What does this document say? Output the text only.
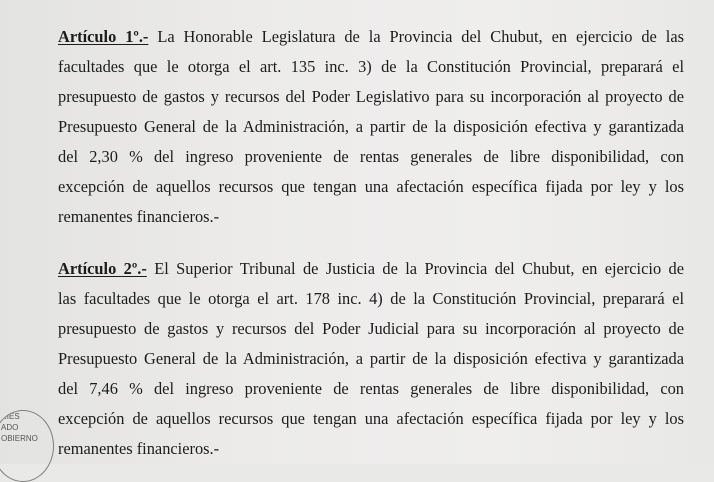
Artículo 1º.- La Honorable Legislatura de la Provincia del Chubut, en ejercicio de las
facultades que le otorga el art. 135 inc. 3) de la Constitución Provincial, preparará el
presupuesto de gastos y recursos del Poder Legislativo para su incorporación al proyecto de
Presupuesto General de la Administración, a partir de la disposición efectiva y garantizada
del 2,30 % del ingreso proveniente de rentas generales de libre disponibilidad, con
excepción de aquellos recursos que tengan una afectación específica fijada por ley y los
remanentes financieros.-
Artículo 2º.- El Superior Tribunal de Justicia de la Provincia del Chubut, en ejercicio de
las facultades que le otorga el art. 178 inc. 4) de la Constitución Provincial, preparará el
presupuesto de gastos y recursos del Poder Judicial para su incorporación al proyecto de
Presupuesto General de la Administración, a partir de la disposición efectiva y garantizada
del 7,46 % del ingreso proveniente de rentas generales de libre disponibilidad, con
excepción de aquellos recursos que tengan una afectación específica fijada por ley y los
remanentes financieros.-
RIES
ADO
OBIERNO
